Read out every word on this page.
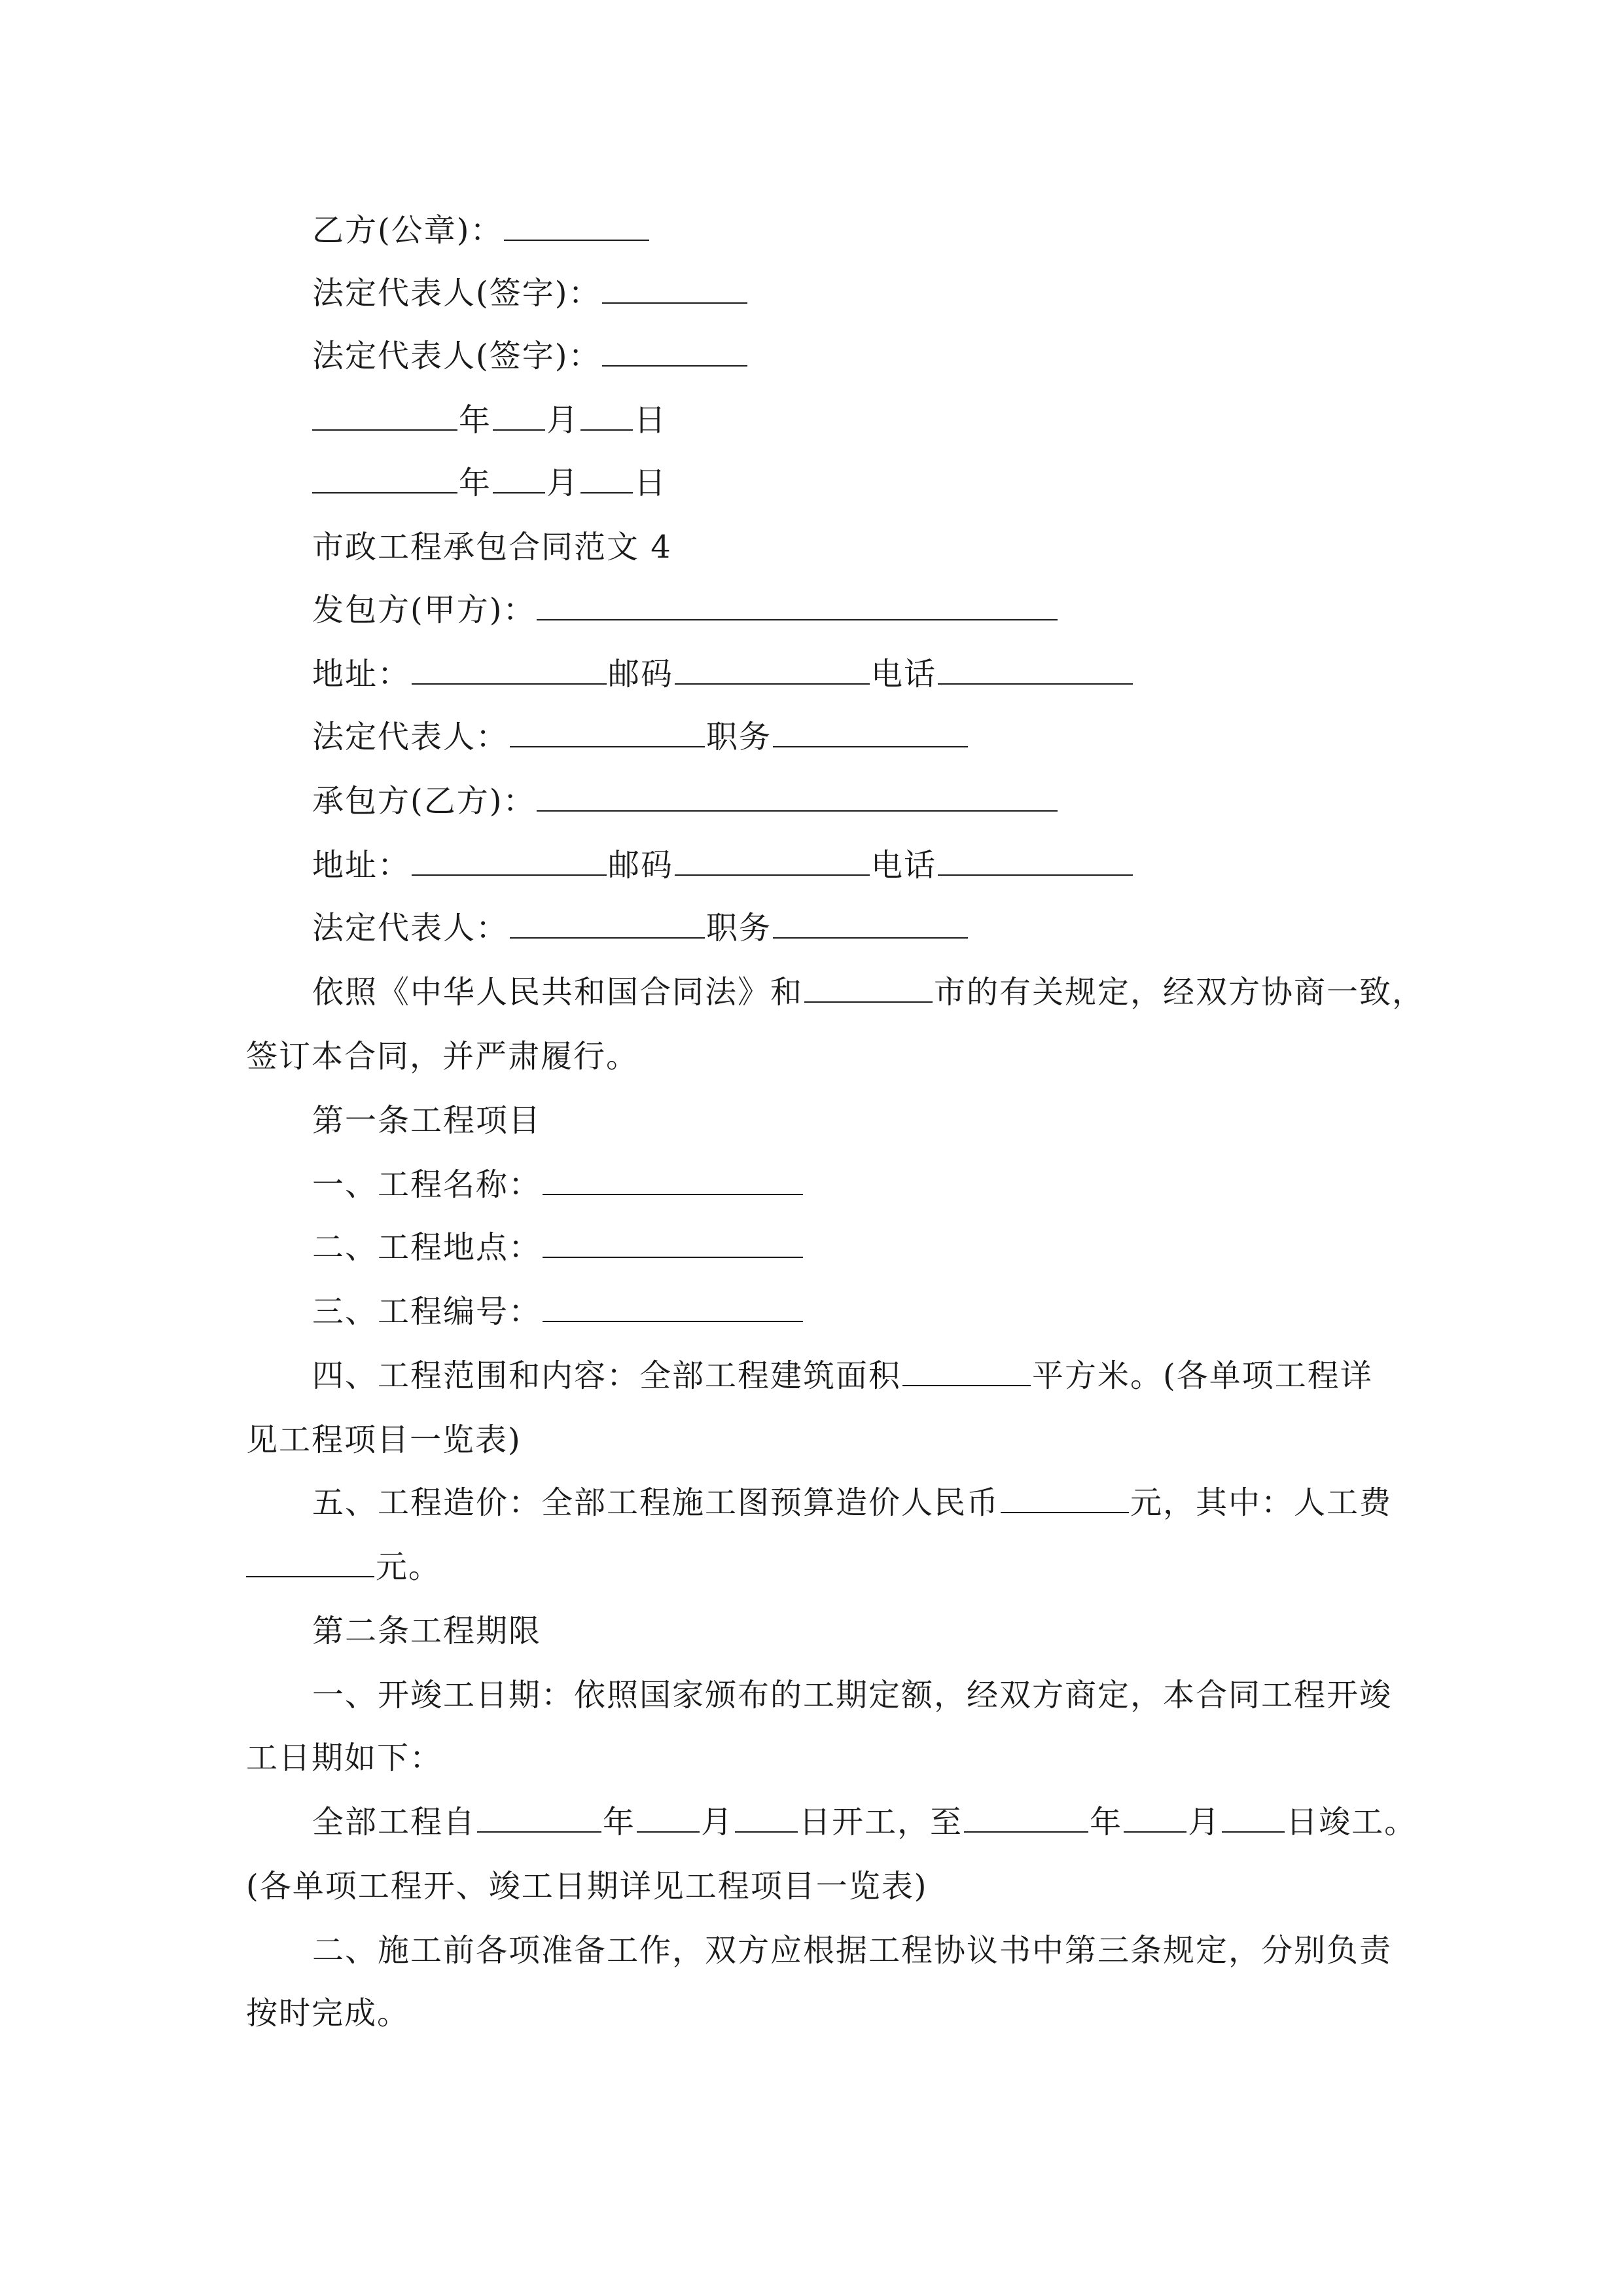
乙方(公章)：
法定代表人(签字)：
法定代表人(签字)：
年 月 日
年 月 日
市政工程承包合同范文 4
发包方(甲方)：
地址：	邮码	电话
法定代表人：	职务
承包方(乙方)：
地址：	邮码	电话
法定代表人：	职务
依照《中华人民共和国合同法》和	市的有关规定，经双方协商一致，
签订本合同，并严肃履行。
第一条工程项目
一、工程名称：
二、工程地点：
三、工程编号：
四、工程范围和内容：全部工程建筑面积	平方米。(各单项工程详
见工程项目一览表)
五、工程造价：全部工程施工图预算造价人民币	元，其中：人工费
元。
第二条工程期限
一、开竣工日期：依照国家颁布的工期定额，经双方商定，本合同工程开竣
工日期如下：
全部工程自	年 月 日开工，至	年 月 日竣工。
(各单项工程开、竣工日期详见工程项目一览表)
二、施工前各项准备工作，双方应根据工程协议书中第三条规定，分别负责
按时完成。
